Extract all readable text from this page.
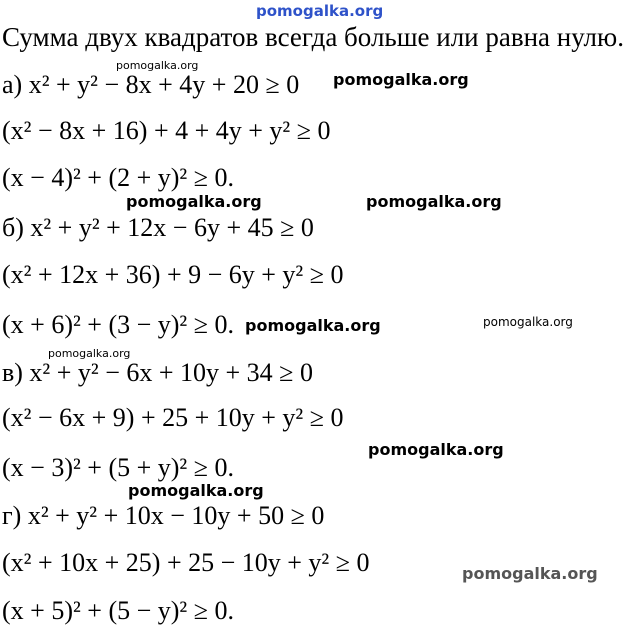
pomogalka.org
Сумма двух квадратов всегда больше или равна нулю.
а) x² + y² − 8x + 4y + 20 ≥ 0
(x² − 8x + 16) + 4 + 4y + y² ≥ 0
(x − 4)² + (2 + y)² ≥ 0.
б) x² + y² + 12x − 6y + 45 ≥ 0
(x² + 12x + 36) + 9 − 6y + y² ≥ 0
(x + 6)² + (3 − y)² ≥ 0.
в) x² + y² − 6x + 10y + 34 ≥ 0
(x² − 6x + 9) + 25 + 10y + y² ≥ 0
(x − 3)² + (5 + y)² ≥ 0.
г) x² + y² + 10x − 10y + 50 ≥ 0
(x² + 10x + 25) + 25 − 10y + y² ≥ 0
(x + 5)² + (5 − y)² ≥ 0.
pomogalka.org
pomogalka.org
pomogalka.org	pomogalka.org
pomogalka.org	pomogalka.org
pomogalka.org
pomogalka.org
pomogalka.org
pomogalka.org
